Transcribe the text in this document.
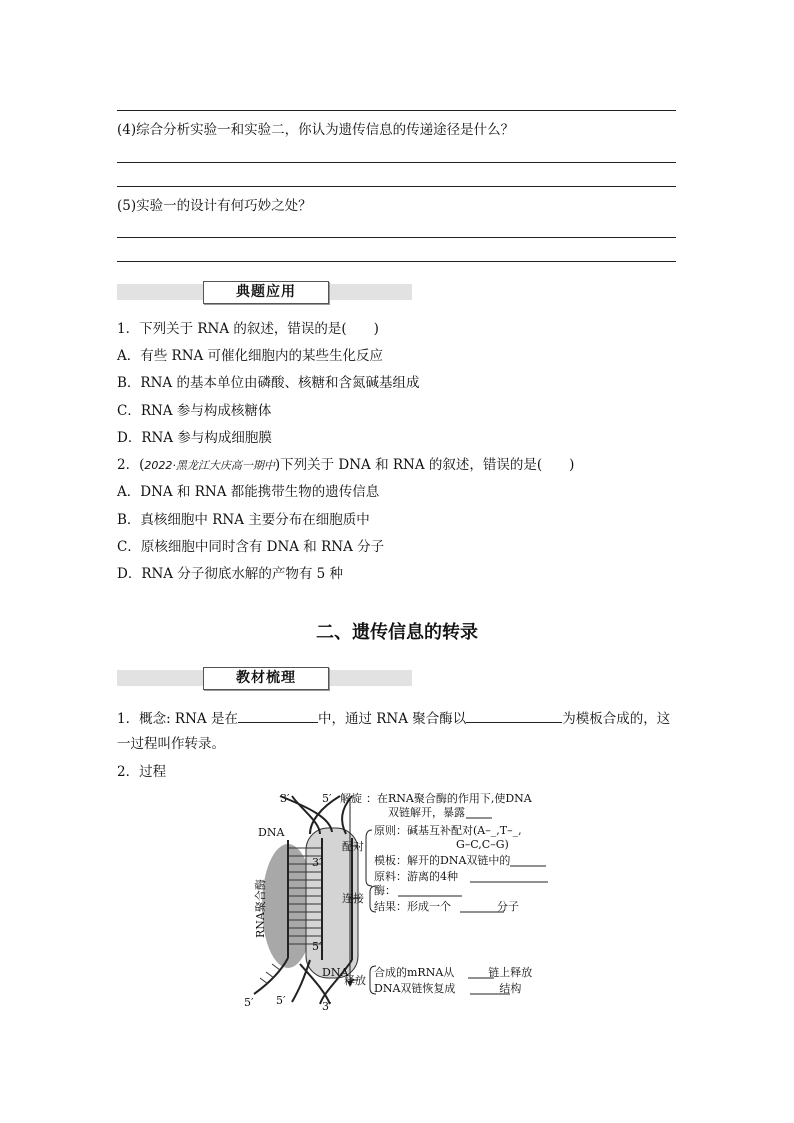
(4)综合分析实验一和实验二，你认为遗传信息的传递途径是什么？
(5)实验一的设计有何巧妙之处？
典题应用
1．下列关于 RNA 的叙述，错误的是(　　)
A．有些 RNA 可催化细胞内的某些生化反应
B．RNA 的基本单位由磷酸、核糖和含氮碱基组成
C．RNA 参与构成核糖体
D．RNA 参与构成细胞膜
2．(2022·黑龙江大庆高一期中)下列关于 DNA 和 RNA 的叙述，错误的是(　　)
A．DNA 和 RNA 都能携带生物的遗传信息
B．真核细胞中 RNA 主要分布在细胞质中
C．原核细胞中同时含有 DNA 和 RNA 分子
D．RNA 分子彻底水解的产物有 5 种
二、遗传信息的转录
教材梳理
1．概念: RNA 是在	中，通过 RNA 聚合酶以	为模板合成的，这
一过程叫作转录。
2．过程
3′	5′
DNA
RNA聚合酶
3′
5′
DNA
5′ 5′	3′
解旋 ：在RNA聚合酶的作用下,使DNA
双链解开，暴露
配对
原则：碱基互补配对(A–_,T–_,
G–C,C–G)
模板：解开的DNA双链中的
原料：游离的4种
连接
酶：
结果：形成一个	分子
释放
合成的mRNA从	链上释放
DNA双链恢复成	结构
